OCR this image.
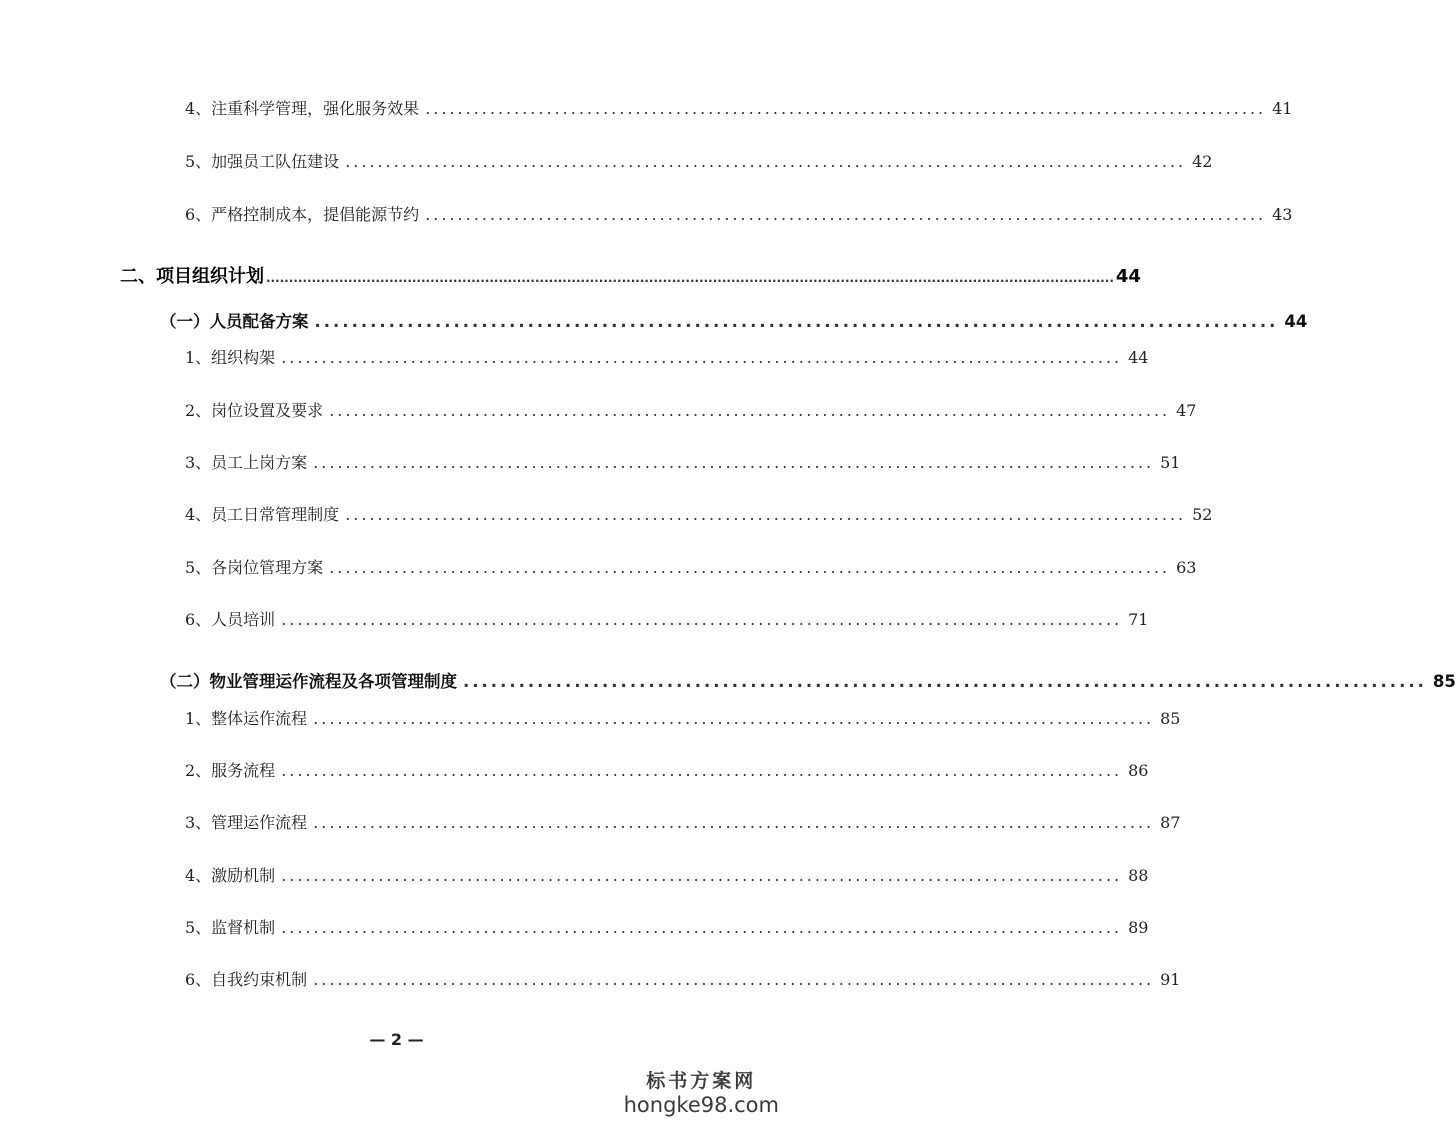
4、注重科学管理，强化服务效果 ........................................................................................................ 41
5、加强员工队伍建设 ........................................................................................................ 42
6、严格控制成本，提倡能源节约 ........................................................................................................ 43
二、项目组织计划 .......................................................................................................................................................................................... 44
（一）人员配备方案 ........................................................................................................ 44
1、组织构架 ........................................................................................................ 44
2、岗位设置及要求 ........................................................................................................ 47
3、员工上岗方案 ........................................................................................................ 51
4、员工日常管理制度 ........................................................................................................ 52
5、各岗位管理方案 ........................................................................................................ 63
6、人员培训 ........................................................................................................ 71
（二）物业管理运作流程及各项管理制度 ........................................................................................................ 85
1、整体运作流程 ........................................................................................................ 85
2、服务流程 ........................................................................................................ 86
3、管理运作流程 ........................................................................................................ 87
4、激励机制 ........................................................................................................ 88
5、监督机制 ........................................................................................................ 89
6、自我约束机制 ........................................................................................................ 91
— 2 —
标书方案网
hongke98.com
